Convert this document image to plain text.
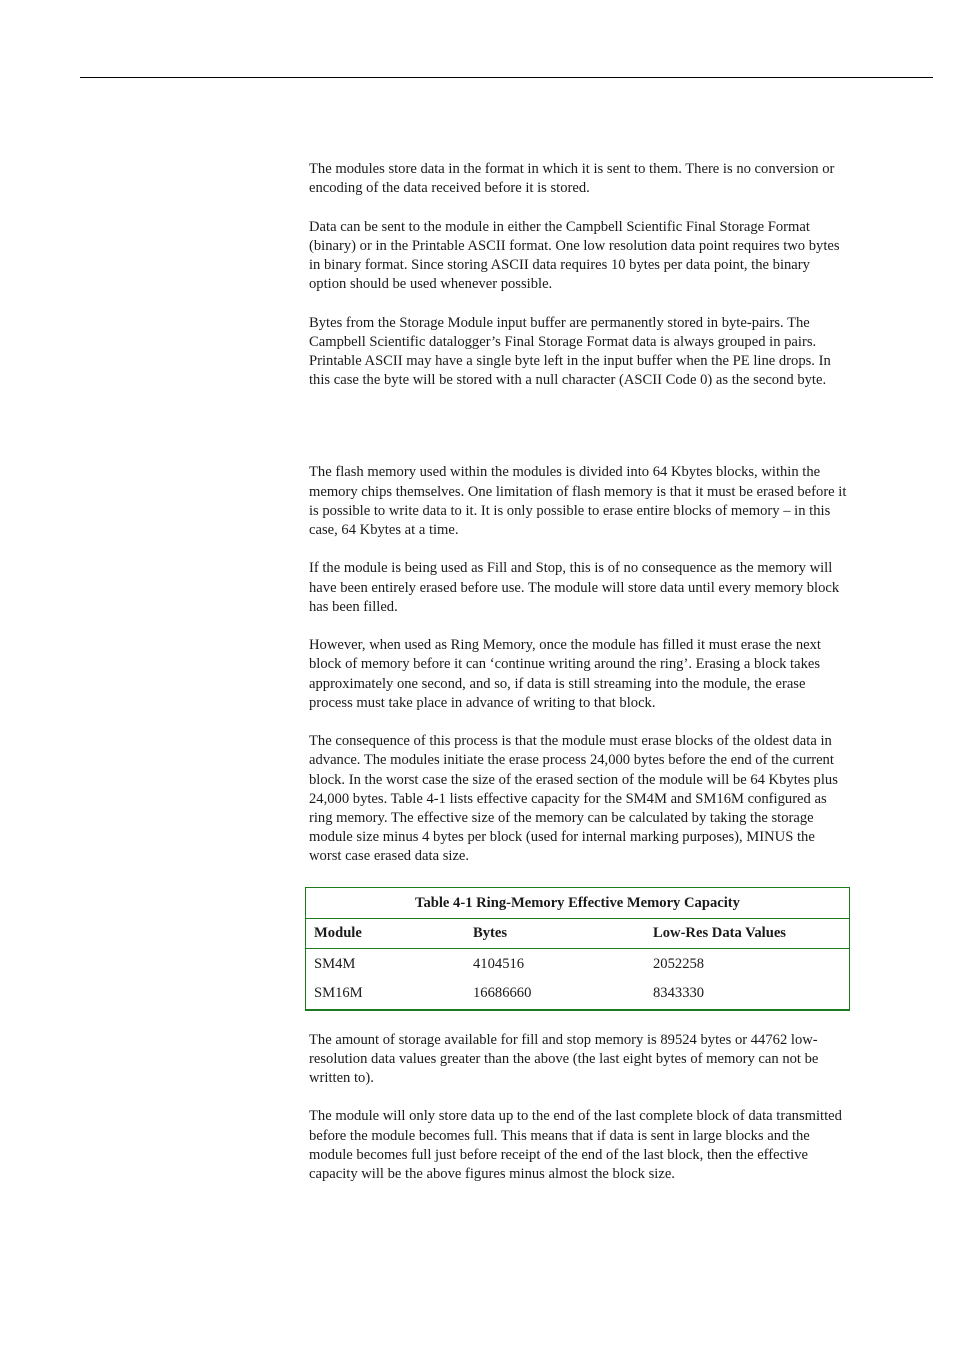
The modules store data in the format in which it is sent to them. There is no conversion or encoding of the data received before it is stored.

Data can be sent to the module in either the Campbell Scientific Final Storage Format (binary) or in the Printable ASCII format. One low resolution data point requires two bytes in binary format. Since storing ASCII data requires 10 bytes per data point, the binary option should be used whenever possible.

Bytes from the Storage Module input buffer are permanently stored in byte-pairs. The Campbell Scientific datalogger’s Final Storage Format data is always grouped in pairs. Printable ASCII may have a single byte left in the input buffer when the PE line drops. In this case the byte will be stored with a null character (ASCII Code 0) as the second byte.

The flash memory used within the modules is divided into 64 Kbytes blocks, within the memory chips themselves. One limitation of flash memory is that it must be erased before it is possible to write data to it. It is only possible to erase entire blocks of memory – in this case, 64 Kbytes at a time.

If the module is being used as Fill and Stop, this is of no consequence as the memory will have been entirely erased before use. The module will store data until every memory block has been filled.

However, when used as Ring Memory, once the module has filled it must erase the next block of memory before it can ‘continue writing around the ring’. Erasing a block takes approximately one second, and so, if data is still streaming into the module, the erase process must take place in advance of writing to that block.

The consequence of this process is that the module must erase blocks of the oldest data in advance. The modules initiate the erase process 24,000 bytes before the end of the current block. In the worst case the size of the erased section of the module will be 64 Kbytes plus 24,000 bytes. Table 4-1 lists effective capacity for the SM4M and SM16M configured as ring memory. The effective size of the memory can be calculated by taking the storage module size minus 4 bytes per block (used for internal marking purposes), MINUS the worst case erased data size.

Table 4-1 Ring-Memory Effective Memory Capacity
Module	Bytes	Low-Res Data Values
SM4M	4104516	2052258
SM16M	16686660	8343330

The amount of storage available for fill and stop memory is 89524 bytes or 44762 low-resolution data values greater than the above (the last eight bytes of memory can not be written to).

The module will only store data up to the end of the last complete block of data transmitted before the module becomes full. This means that if data is sent in large blocks and the module becomes full just before receipt of the end of the last block, then the effective capacity will be the above figures minus almost the block size.
